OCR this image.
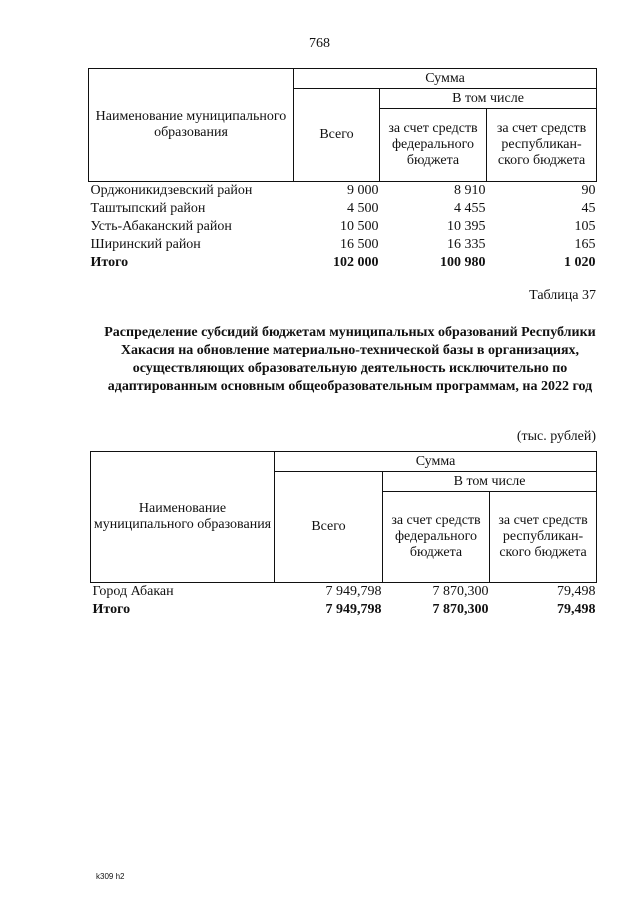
768
Наименование муниципального образования	Сумма		
	Всего	В том числе	
		за счет средств федерального бюджета	за счет средств республикан- ского бюджета
Орджоникидзевский район	9 000	8 910	90
Таштыпский район	4 500	4 455	45
Усть-Абаканский район	10 500	10 395	105
Ширинский район	16 500	16 335	165
Итого	102 000	100 980	1 020
Таблица 37
Распределение субсидий бюджетам муниципальных образований Республики Хакасия на обновление материально-технической базы в организациях, осуществляющих образовательную деятельность исключительно по адаптированным основным общеобразовательным программам, на 2022 год
(тыс. рублей)
Наименование муниципального образования	Сумма		
	Всего	В том числе	
		за счет средств федерального бюджета	за счет средств республикан- ского бюджета
Город Абакан	7 949,798	7 870,300	79,498
Итого	7 949,798	7 870,300	79,498
k309 h2
